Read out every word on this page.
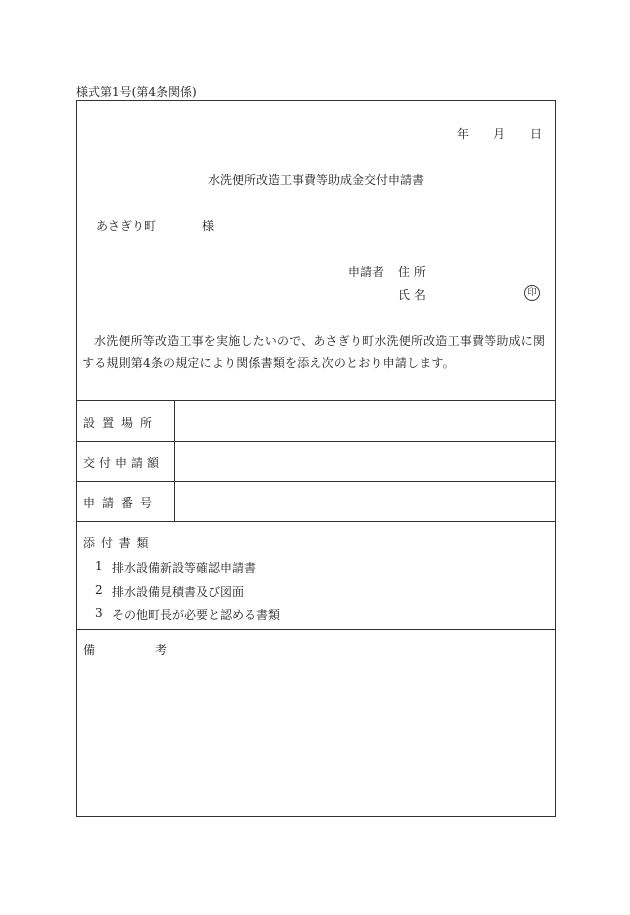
様式第1号(第4条関係)
年 月 日
水洗便所改造工事費等助成金交付申請書
あさぎり町	様
申請者 住 所
氏 名	印
水洗便所等改造工事を実施したいので、あさぎり町水洗便所改造工事費等助成に関する規則第4条の規定により関係書類を添え次のとおり申請します。
設置場所
交付申請額
申請番号
添 付 書 類
1 排水設備新設等確認申請書
2 排水設備見積書及び図面
3 その他町長が必要と認める書類
備	考
